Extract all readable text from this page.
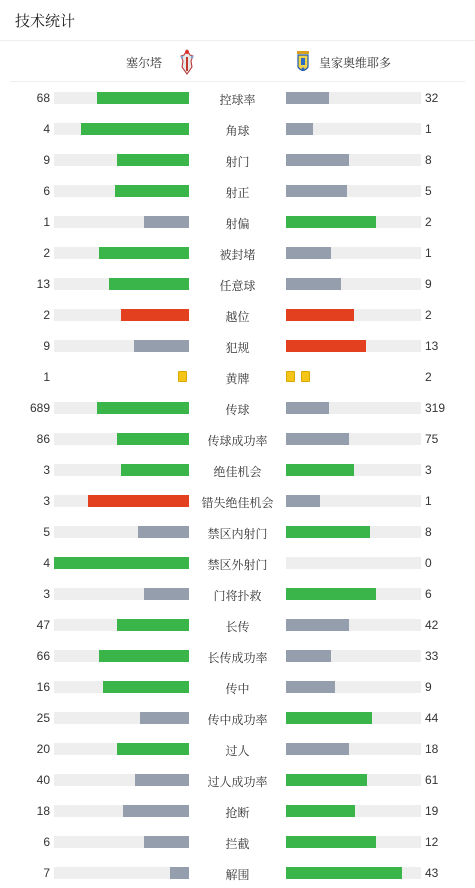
技术统计
塞尔塔	皇家奥维耶多
68	控球率	32
4	角球	1
9	射门	8
6	射正	5
1	射偏	2
2	被封堵	1
13	任意球	9
2	越位	2
9	犯规	13
1	黄牌	2
689	传球	319
86	传球成功率	75
3	绝佳机会	3
3	错失绝佳机会	1
5	禁区内射门	8
4	禁区外射门	0
3	门将扑救	6
47	长传	42
66	长传成功率	33
16	传中	9
25	传中成功率	44
20	过人	18
40	过人成功率	61
18	抢断	19
6	拦截	12
7	解围	43
